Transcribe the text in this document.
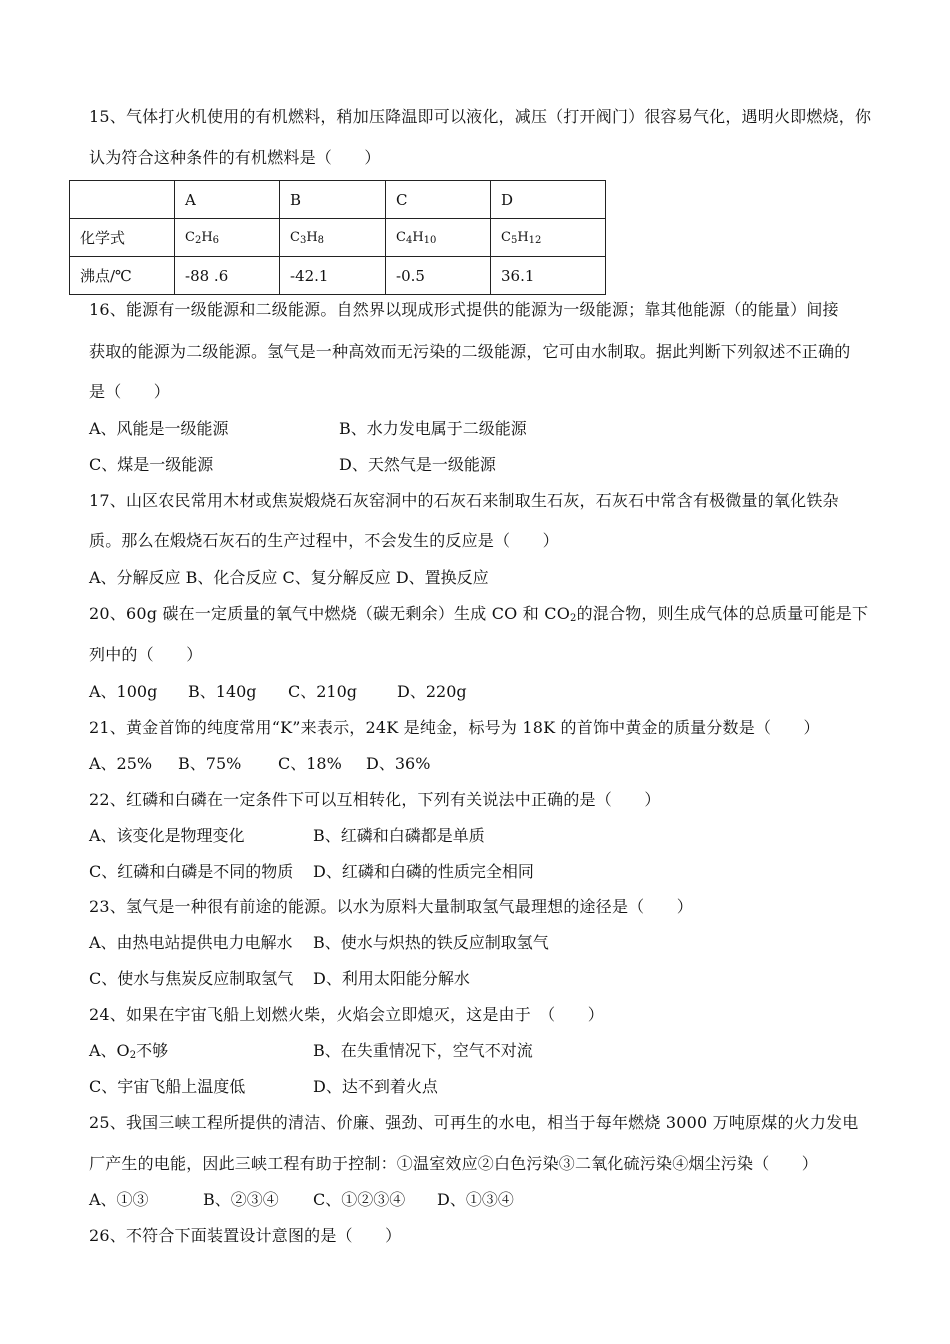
15、气体打火机使用的有机燃料，稍加压降温即可以液化，减压（打开阀门）很容易气化，遇明火即燃烧，你
认为符合这种条件的有机燃料是（　　）
	A	B	C	D
化学式	$C_2H_6$	$C_3H_8$	$C_4H_{10}$	$C_5H_{12}$
沸点/℃	-88 .6	-42.1	-0.5	36.1
16、能源有一级能源和二级能源。自然界以现成形式提供的能源为一级能源；靠其他能源（的能量）间接
获取的能源为二级能源。氢气是一种高效而无污染的二级能源，它可由水制取。据此判断下列叙述不正确的
是（　　）
A、风能是一级能源	B、水力发电属于二级能源
C、煤是一级能源	D、天然气是一级能源
17、山区农民常用木材或焦炭煅烧石灰窑洞中的石灰石来制取生石灰，石灰石中常含有极微量的氧化铁杂
质。那么在煅烧石灰石的生产过程中，不会发生的反应是（　　）
A、分解反应 B、化合反应 C、复分解反应 D、置换反应
20、60g 碳在一定质量的氧气中燃烧（碳无剩余）生成 CO 和 $CO_2$的混合物，则生成气体的总质量可能是下
列中的（　　）
A、100g B、140g C、210g D、220g
21、黄金首饰的纯度常用“K”来表示，24K 是纯金，标号为 18K 的首饰中黄金的质量分数是（　　）
A、25% B、75% C、18% D、36%
22、红磷和白磷在一定条件下可以互相转化，下列有关说法中正确的是（　　）
A、该变化是物理变化	B、红磷和白磷都是单质
C、红磷和白磷是不同的物质 D、红磷和白磷的性质完全相同
23、氢气是一种很有前途的能源。以水为原料大量制取氢气最理想的途径是（　　）
A、由热电站提供电力电解水 B、使水与炽热的铁反应制取氢气
C、使水与焦炭反应制取氢气 D、利用太阳能分解水
24、如果在宇宙飞船上划燃火柴，火焰会立即熄灭，这是由于　（　　）
A、$O_2$不够	B、在失重情况下，空气不对流
C、宇宙飞船上温度低	D、达不到着火点
25、我国三峡工程所提供的清洁、价廉、强劲、可再生的水电，相当于每年燃烧 3000 万吨原煤的火力发电
厂产生的电能，因此三峡工程有助于控制：①温室效应②白色污染③二氧化硫污染④烟尘污染（　　）
A、①③	B、②③④ C、①②③④ D、①③④
26、不符合下面装置设计意图的是（　　）
